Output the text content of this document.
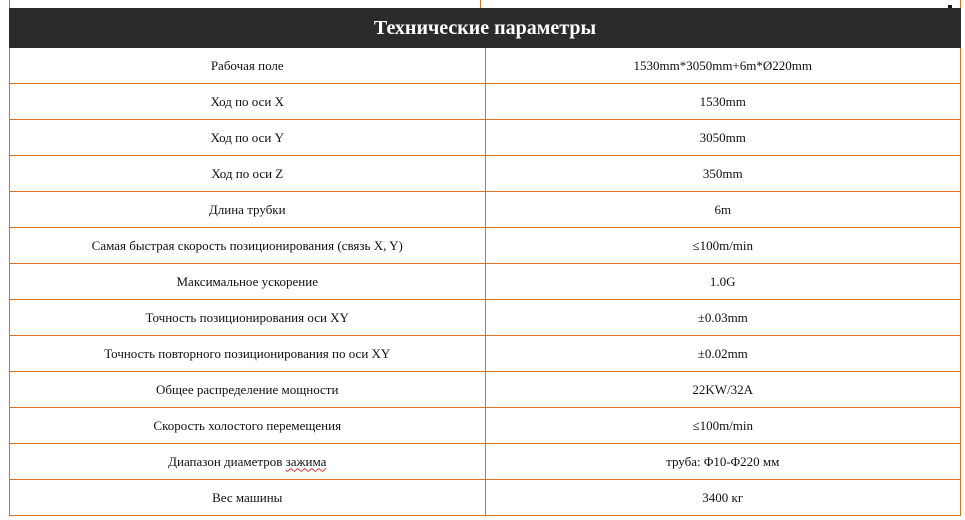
Технические параметры	
Рабочая поле	1530mm*3050mm+6m*Ø220mm
Ход по оси X	1530mm
Ход по оси Y	3050mm
Ход по оси Z	350mm
Длина трубки	6m
Самая быстрая скорость позиционирования (связь X, Y)	≤100m/min
Максимальное ускорение	1.0G
Точность позиционирования оси XY	±0.03mm
Точность повторного позиционирования по оси XY	±0.02mm
Общее распределение мощности	22KW/32A
Скорость холостого перемещения	≤100m/min
Диапазон диаметров зажима	труба: Φ10-Φ220 мм
Вес машины	3400 кг
